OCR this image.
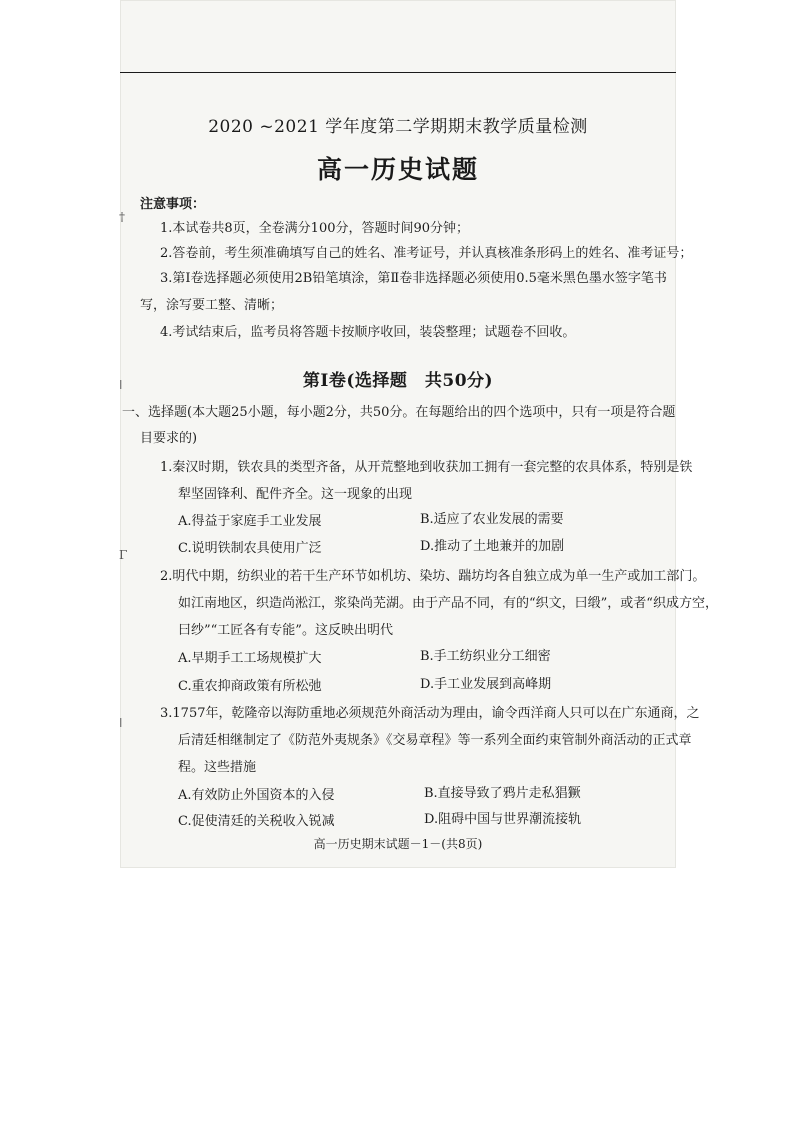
†
ǀ
Γ
ǀ
2020 ~2021 学年度第二学期期末教学质量检测
高一历史试题
注意事项：
1.本试卷共8页，全卷满分100分，答题时间90分钟；
2.答卷前，考生须准确填写自己的姓名、准考证号，并认真核准条形码上的姓名、准考证号；
3.第Ⅰ卷选择题必须使用2B铅笔填涂，第Ⅱ卷非选择题必须使用0.5毫米黑色墨水签字笔书
写，涂写要工整、清晰；
4.考试结束后，监考员将答题卡按顺序收回，装袋整理；试题卷不回收。
第Ⅰ卷(选择题　共50分)
一、选择题(本大题25小题，每小题2分，共50分。在每题给出的四个选项中，只有一项是符合题
目要求的)
1.秦汉时期，铁农具的类型齐备，从开荒整地到收获加工拥有一套完整的农具体系，特别是铁
犁坚固锋利、配件齐全。这一现象的出现
A.得益于家庭手工业发展	B.适应了农业发展的需要
C.说明铁制农具使用广泛	D.推动了土地兼并的加剧
2.明代中期，纺织业的若干生产环节如机坊、染坊、踹坊均各自独立成为单一生产或加工部门。
如江南地区，织造尚淞江，浆染尚芜湖。由于产品不同，有的“织文，曰缎”，或者“织成方空，
曰纱”“工匠各有专能”。这反映出明代
A.早期手工工场规模扩大	B.手工纺织业分工细密
C.重农抑商政策有所松弛	D.手工业发展到高峰期
3.1757年，乾隆帝以海防重地必须规范外商活动为理由，谕令西洋商人只可以在广东通商，之
后清廷相继制定了《防范外夷规条》《交易章程》等一系列全面约束管制外商活动的正式章
程。这些措施
A.有效防止外国资本的入侵	B.直接导致了鸦片走私猖獗
C.促使清廷的关税收入锐减	D.阻碍中国与世界潮流接轨
高一历史期末试题－1－(共8页)
